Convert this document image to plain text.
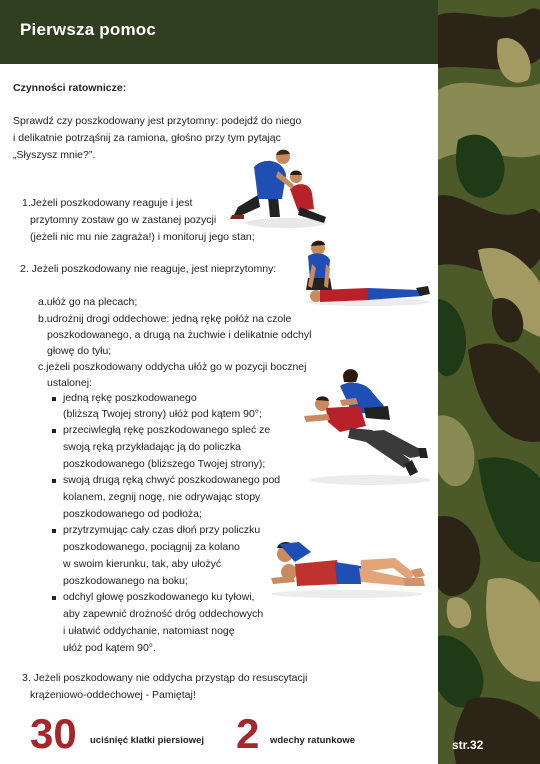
Pierwsza pomoc
str.32
Czynności ratownicze:
Sprawdź czy poszkodowany jest przytomny: podejdź do niego
i delikatnie potrząśnij za ramiona, głośno przy tym pytając
„Słyszysz mnie?”.
1.Jeżeli poszkodowany reaguje i jest
przytomny zostaw go w zastanej pozycji
(jeżeli nic mu nie zagraża!) i monitoruj jego stan;
2. Jeżeli poszkodowany nie reaguje, jest nieprzytomny:
a.ułóż go na plecach;
b.udrożnij drogi oddechowe: jedną rękę połóż na czole
poszkodowanego, a drugą na żuchwie i delikatnie odchyl
głowę do tyłu;
c.jeżeli poszkodowany oddycha ułóż go w pozycji bocznej
ustalonej:
jedną rękę poszkodowanego
(bliższą Twojej strony) ułóż pod kątem 90°;
przeciwległą rękę poszkodowanego spleć ze
swoją ręką przykładając ją do policzka
poszkodowanego (bliższego Twojej strony);
swoją drugą ręką chwyć poszkodowanego pod
kolanem, zegnij nogę, nie odrywając stopy
poszkodowanego od podłoża;
przytrzymując cały czas dłoń przy policzku
poszkodowanego, pociągnij za kolano
w swoim kierunku, tak, aby ułożyć
poszkodowanego na boku;
odchyl głowę poszkodowanego ku tyłowi,
aby zapewnić drożność dróg oddechowych
i ułatwić oddychanie, natomiast nogę
ułóż pod kątem 90°.
3. Jeżeli poszkodowany nie oddycha przystąp do resuscytacji
krążeniowo-oddechowej - Pamiętaj!
30 uciśnięć klatki piersiowej 2 wdechy ratunkowe
